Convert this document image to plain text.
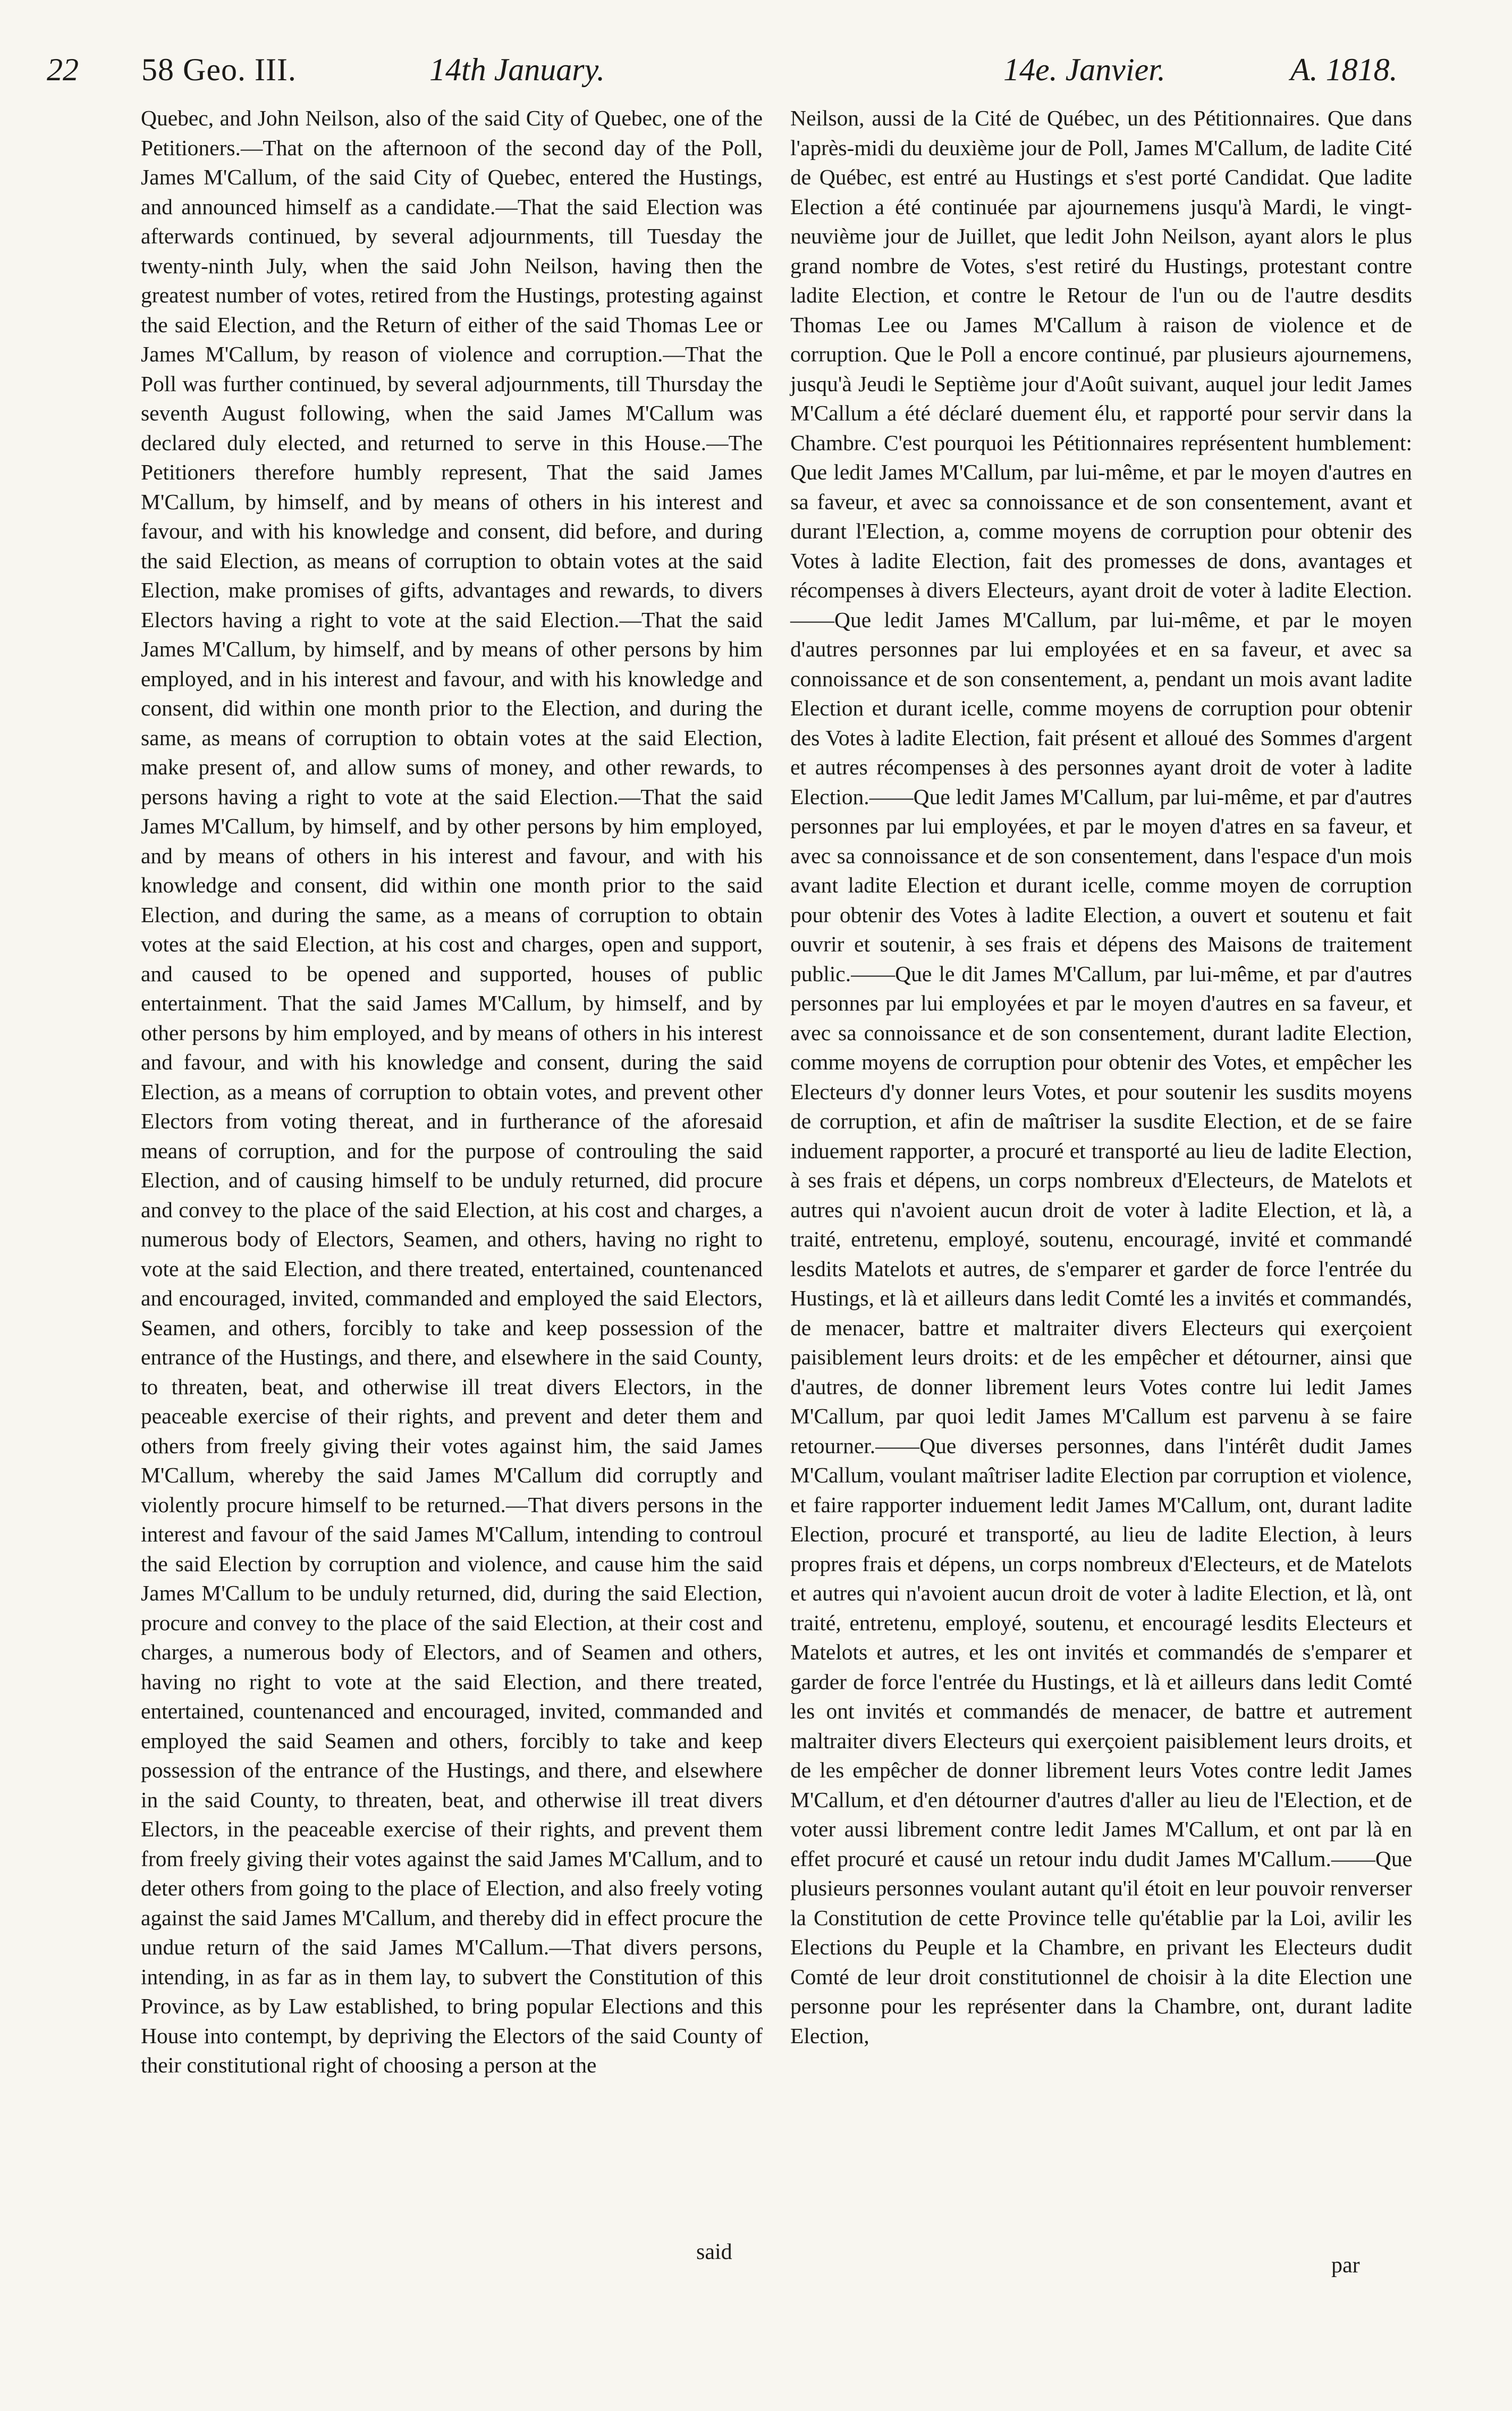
22 58 Geo. III.	14th January.	14e. Janvier.	A. 1818.

Quebec, and John Neilson, also of the said City of Quebec, one of the Petitioners.—That on the afternoon of the second day of the Poll, James M'Callum, of the said City of Quebec, entered the Hustings, and announced himself as a candidate.—That the said Election was afterwards continued, by several adjournments, till Tuesday the twenty-ninth July, when the said John Neilson, having then the greatest number of votes, retired from the Hustings, protesting against the said Election, and the Return of either of the said Thomas Lee or James M'Callum, by reason of violence and corruption.—That the Poll was further continued, by several adjournments, till Thursday the seventh August following, when the said James M'Callum was declared duly elected, and returned to serve in this House.—The Petitioners therefore humbly represent, That the said James M'Callum, by himself, and by means of others in his interest and favour, and with his knowledge and consent, did before, and during the said Election, as means of corruption to obtain votes at the said Election, make promises of gifts, advantages and rewards, to divers Electors having a right to vote at the said Election.—That the said James M'Callum, by himself, and by means of other persons by him employed, and in his interest and favour, and with his knowledge and consent, did within one month prior to the Election, and during the same, as means of corruption to obtain votes at the said Election, make present of, and allow sums of money, and other rewards, to persons having a right to vote at the said Election.—That the said James M'Callum, by himself, and by other persons by him employed, and by means of others in his interest and favour, and with his knowledge and consent, did within one month prior to the said Election, and during the same, as a means of corruption to obtain votes at the said Election, at his cost and charges, open and support, and caused to be opened and supported, houses of public entertainment. That the said James M'Callum, by himself, and by other persons by him employed, and by means of others in his interest and favour, and with his knowledge and consent, during the said Election, as a means of corruption to obtain votes, and prevent other Electors from voting thereat, and in furtherance of the aforesaid means of corruption, and for the purpose of controuling the said Election, and of causing himself to be unduly returned, did procure and convey to the place of the said Election, at his cost and charges, a numerous body of Electors, Seamen, and others, having no right to vote at the said Election, and there treated, entertained, countenanced and encouraged, invited, commanded and employed the said Electors, Seamen, and others, forcibly to take and keep possession of the entrance of the Hustings, and there, and elsewhere in the said County, to threaten, beat, and otherwise ill treat divers Electors, in the peaceable exercise of their rights, and prevent and deter them and others from freely giving their votes against him, the said James M'Callum, whereby the said James M'Callum did corruptly and violently procure himself to be returned.—That divers persons in the interest and favour of the said James M'Callum, intending to controul the said Election by corruption and violence, and cause him the said James M'Callum to be unduly returned, did, during the said Election, procure and convey to the place of the said Election, at their cost and charges, a numerous body of Electors, and of Seamen and others, having no right to vote at the said Election, and there treated, entertained, countenanced and encouraged, invited, commanded and employed the said Seamen and others, forcibly to take and keep possession of the entrance of the Hustings, and there, and elsewhere in the said County, to threaten, beat, and otherwise ill treat divers Electors, in the peaceable exercise of their rights, and prevent them from freely giving their votes against the said James M'Callum, and to deter others from going to the place of Election, and also freely voting against the said James M'Callum, and thereby did in effect procure the undue return of the said James M'Callum.—That divers persons, intending, in as far as in them lay, to subvert the Constitution of this Province, as by Law established, to bring popular Elections and this House into contempt, by depriving the Electors of the said County of their constitutional right of choosing a person at the

Neilson, aussi de la Cité de Québec, un des Pétitionnaires. Que dans l'après-midi du deuxième jour de Poll, James M'Callum, de ladite Cité de Québec, est entré au Hustings et s'est porté Candidat. Que ladite Election a été continuée par ajournemens jusqu'à Mardi, le vingt-neuvième jour de Juillet, que ledit John Neilson, ayant alors le plus grand nombre de Votes, s'est retiré du Hustings, protestant contre ladite Election, et contre le Retour de l'un ou de l'autre desdits Thomas Lee ou James M'Callum à raison de violence et de corruption. Que le Poll a encore continué, par plusieurs ajournemens, jusqu'à Jeudi le Septième jour d'Août suivant, auquel jour ledit James M'Callum a été déclaré duement élu, et rapporté pour servir dans la Chambre. C'est pourquoi les Pétitionnaires représentent humblement: Que ledit James M'Callum, par lui-même, et par le moyen d'autres en sa faveur, et avec sa connoissance et de son consentement, avant et durant l'Election, a, comme moyens de corruption pour obtenir des Votes à ladite Election, fait des promesses de dons, avantages et récompenses à divers Electeurs, ayant droit de voter à ladite Election.——Que ledit James M'Callum, par lui-même, et par le moyen d'autres personnes par lui employées et en sa faveur, et avec sa connoissance et de son consentement, a, pendant un mois avant ladite Election et durant icelle, comme moyens de corruption pour obtenir des Votes à ladite Election, fait présent et alloué des Sommes d'argent et autres récompenses à des personnes ayant droit de voter à ladite Election.——Que ledit James M'Callum, par lui-même, et par d'autres personnes par lui employées, et par le moyen d'atres en sa faveur, et avec sa connoissance et de son consentement, dans l'espace d'un mois avant ladite Election et durant icelle, comme moyen de corruption pour obtenir des Votes à ladite Election, a ouvert et soutenu et fait ouvrir et soutenir, à ses frais et dépens des Maisons de traitement public.——Que le dit James M'Callum, par lui-même, et par d'autres personnes par lui employées et par le moyen d'autres en sa faveur, et avec sa connoissance et de son consentement, durant ladite Election, comme moyens de corruption pour obtenir des Votes, et empêcher les Electeurs d'y donner leurs Votes, et pour soutenir les susdits moyens de corruption, et afin de maîtriser la susdite Election, et de se faire induement rapporter, a procuré et transporté au lieu de ladite Election, à ses frais et dépens, un corps nombreux d'Electeurs, de Matelots et autres qui n'avoient aucun droit de voter à ladite Election, et là, a traité, entretenu, employé, soutenu, encouragé, invité et commandé lesdits Matelots et autres, de s'emparer et garder de force l'entrée du Hustings, et là et ailleurs dans ledit Comté les a invités et commandés, de menacer, battre et maltraiter divers Electeurs qui exerçoient paisiblement leurs droits: et de les empêcher et détourner, ainsi que d'autres, de donner librement leurs Votes contre lui ledit James M'Callum, par quoi ledit James M'Callum est parvenu à se faire retourner.——Que diverses personnes, dans l'intérêt dudit James M'Callum, voulant maîtriser ladite Election par corruption et violence, et faire rapporter induement ledit James M'Callum, ont, durant ladite Election, procuré et transporté, au lieu de ladite Election, à leurs propres frais et dépens, un corps nombreux d'Electeurs, et de Matelots et autres qui n'avoient aucun droit de voter à ladite Election, et là, ont traité, entretenu, employé, soutenu, et encouragé lesdits Electeurs et Matelots et autres, et les ont invités et commandés de s'emparer et garder de force l'entrée du Hustings, et là et ailleurs dans ledit Comté les ont invités et commandés de menacer, de battre et autrement maltraiter divers Electeurs qui exerçoient paisiblement leurs droits, et de les empêcher de donner librement leurs Votes contre ledit James M'Callum, et d'en détourner d'autres d'aller au lieu de l'Election, et de voter aussi librement contre ledit James M'Callum, et ont par là en effet procuré et causé un retour indu dudit James M'Callum.——Que plusieurs personnes voulant autant qu'il étoit en leur pouvoir renverser la Constitution de cette Province telle qu'établie par la Loi, avilir les Elections du Peuple et la Chambre, en privant les Electeurs dudit Comté de leur droit constitutionnel de choisir à la dite Election une personne pour les représenter dans la Chambre, ont, durant ladite Election,

said
par
